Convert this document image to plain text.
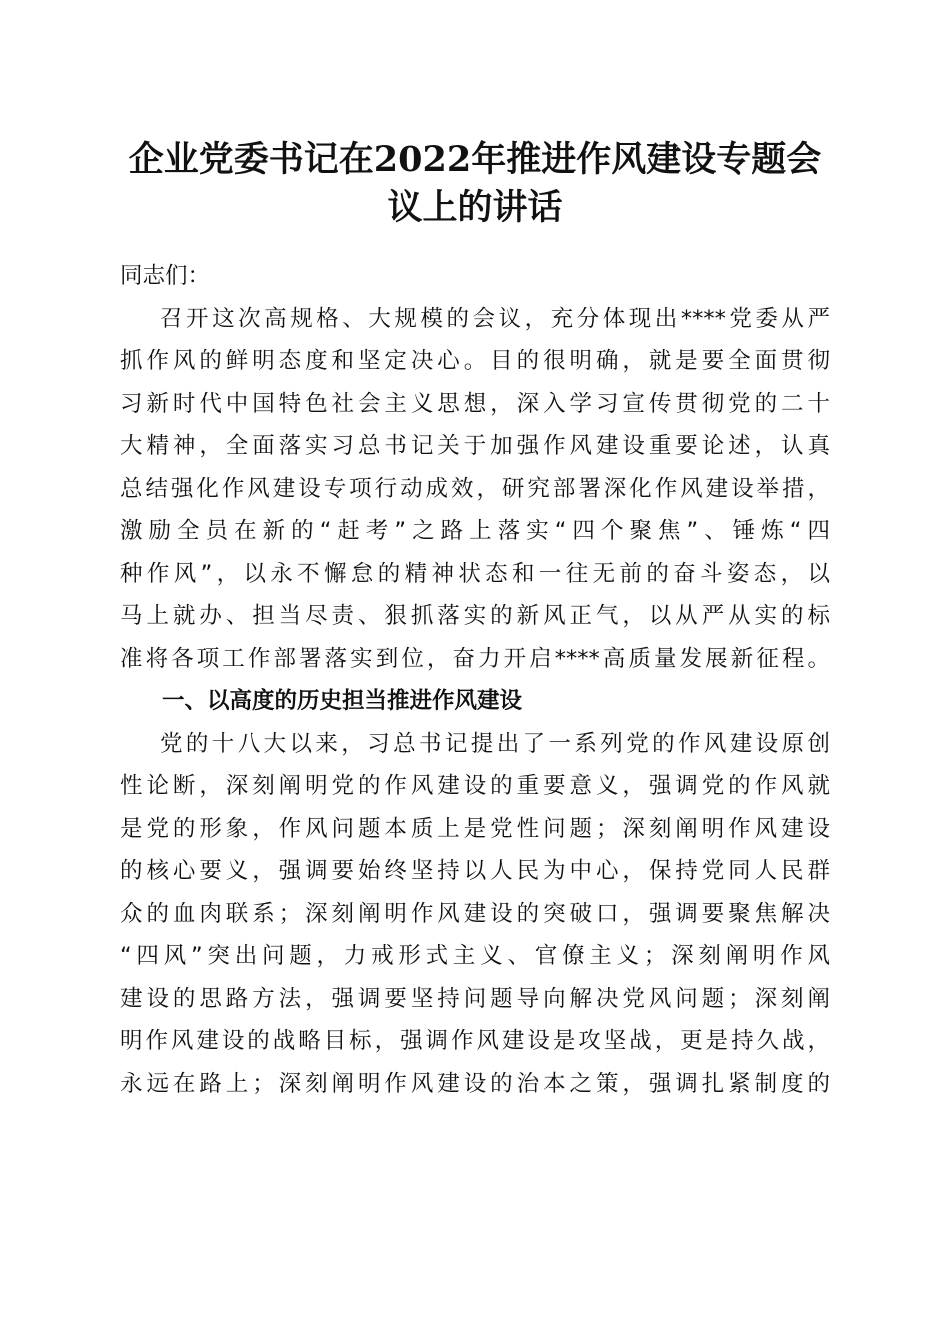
企业党委书记在2022年推进作风建设专题会
议上的讲话
同志们：
召开这次高规格、大规模的会议，充分体现出****党委从严
抓作风的鲜明态度和坚定决心。目的很明确，就是要全面贯彻
习新时代中国特色社会主义思想，深入学习宣传贯彻党的二十
大精神，全面落实习总书记关于加强作风建设重要论述，认真
总结强化作风建设专项行动成效，研究部署深化作风建设举措，
激励全员在新的“赶考”之路上落实“四个聚焦”、锤炼“四
种作风”，以永不懈怠的精神状态和一往无前的奋斗姿态，以
马上就办、担当尽责、狠抓落实的新风正气，以从严从实的标
准将各项工作部署落实到位，奋力开启****高质量发展新征程。
一、以高度的历史担当推进作风建设
党的十八大以来，习总书记提出了一系列党的作风建设原创
性论断，深刻阐明党的作风建设的重要意义，强调党的作风就
是党的形象，作风问题本质上是党性问题；深刻阐明作风建设
的核心要义，强调要始终坚持以人民为中心，保持党同人民群
众的血肉联系；深刻阐明作风建设的突破口，强调要聚焦解决
“四风”突出问题，力戒形式主义、官僚主义；深刻阐明作风
建设的思路方法，强调要坚持问题导向解决党风问题；深刻阐
明作风建设的战略目标，强调作风建设是攻坚战，更是持久战，
永远在路上；深刻阐明作风建设的治本之策，强调扎紧制度的
